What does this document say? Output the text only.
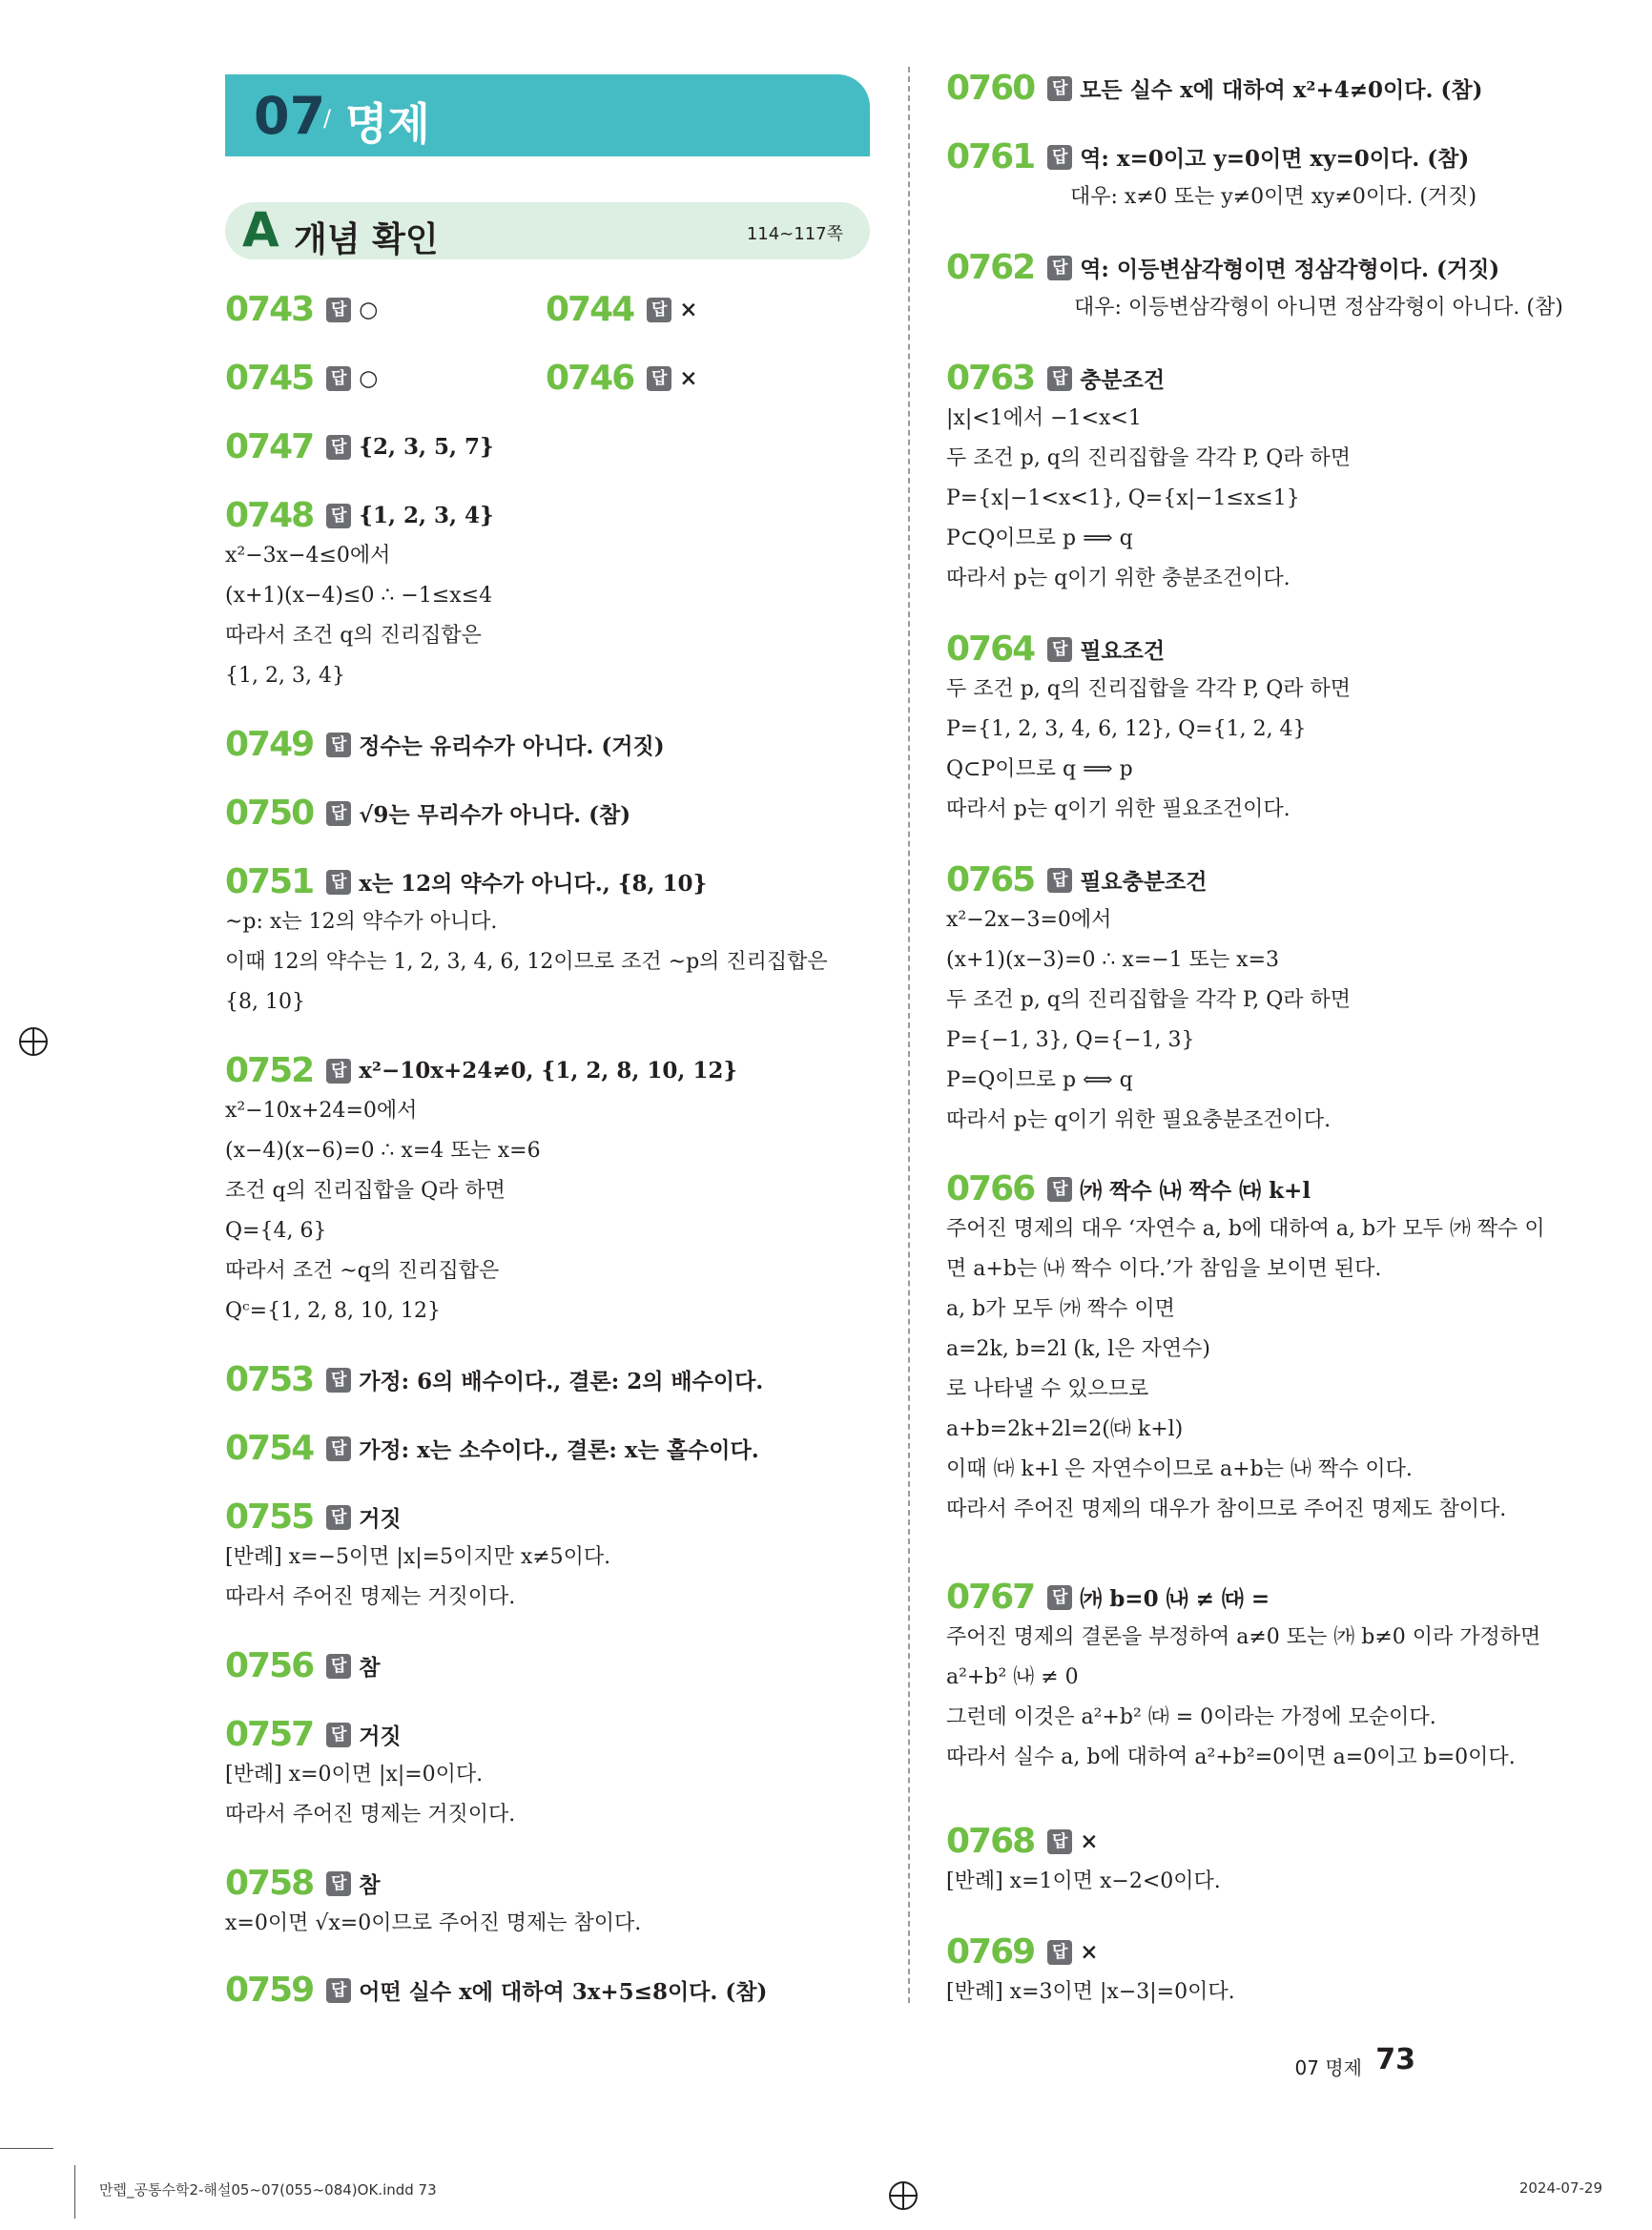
07
/ 명제
A 개념 확인	114~117쪽
0743 답 ○	0744 답 ×
0745 답 ○	0746 답 ×
0747 답 {2, 3, 5, 7}
0748 답 {1, 2, 3, 4}
x²−3x−4≤0에서
(x+1)(x−4)≤0 ∴ −1≤x≤4
따라서 조건 q의 진리집합은
{1, 2, 3, 4}
0749 답 정수는 유리수가 아니다. (거짓)
0750 답 √9는 무리수가 아니다. (참)
0751 답 x는 12의 약수가 아니다., {8, 10}
~p: x는 12의 약수가 아니다.
이때 12의 약수는 1, 2, 3, 4, 6, 12이므로 조건 ~p의 진리집합은
{8, 10}
0752 답 x²−10x+24≠0, {1, 2, 8, 10, 12}
x²−10x+24=0에서
(x−4)(x−6)=0 ∴ x=4 또는 x=6
조건 q의 진리집합을 Q라 하면
Q={4, 6}
따라서 조건 ~q의 진리집합은
Qᶜ={1, 2, 8, 10, 12}
0753 답 가정: 6의 배수이다., 결론: 2의 배수이다.
0754 답 가정: x는 소수이다., 결론: x는 홀수이다.
0755 답 거짓
[반례] x=−5이면 |x|=5이지만 x≠5이다.
따라서 주어진 명제는 거짓이다.
0756 답 참
0757 답 거짓
[반례] x=0이면 |x|=0이다.
따라서 주어진 명제는 거짓이다.
0758 답 참
x=0이면 √x=0이므로 주어진 명제는 참이다.
0759 답 어떤 실수 x에 대하여 3x+5≤8이다. (참)
0760 답 모든 실수 x에 대하여 x²+4≠0이다. (참)
0761 답 역: x=0이고 y=0이면 xy=0이다. (참)
대우: x≠0 또는 y≠0이면 xy≠0이다. (거짓)
0762 답 역: 이등변삼각형이면 정삼각형이다. (거짓)
대우: 이등변삼각형이 아니면 정삼각형이 아니다. (참)
0763 답 충분조건
|x|<1에서 −1<x<1
두 조건 p, q의 진리집합을 각각 P, Q라 하면
P={x|−1<x<1}, Q={x|−1≤x≤1}
P⊂Q이므로 p ⟹ q
따라서 p는 q이기 위한 충분조건이다.
0764 답 필요조건
두 조건 p, q의 진리집합을 각각 P, Q라 하면
P={1, 2, 3, 4, 6, 12}, Q={1, 2, 4}
Q⊂P이므로 q ⟹ p
따라서 p는 q이기 위한 필요조건이다.
0765 답 필요충분조건
x²−2x−3=0에서
(x+1)(x−3)=0 ∴ x=−1 또는 x=3
두 조건 p, q의 진리집합을 각각 P, Q라 하면
P={−1, 3}, Q={−1, 3}
P=Q이므로 p ⟺ q
따라서 p는 q이기 위한 필요충분조건이다.
0766 답 ㈎ 짝수 ㈏ 짝수 ㈐ k+l
주어진 명제의 대우 ‘자연수 a, b에 대하여 a, b가 모두 ㈎ 짝수 이
면 a+b는 ㈏ 짝수 이다.’가 참임을 보이면 된다.
a, b가 모두 ㈎ 짝수 이면
a=2k, b=2l (k, l은 자연수)
로 나타낼 수 있으므로
a+b=2k+2l=2(㈐ k+l)
이때 ㈐ k+l 은 자연수이므로 a+b는 ㈏ 짝수 이다.
따라서 주어진 명제의 대우가 참이므로 주어진 명제도 참이다.
0767 답 ㈎ b=0 ㈏ ≠ ㈐ =
주어진 명제의 결론을 부정하여 a≠0 또는 ㈎ b≠0 이라 가정하면
a²+b² ㈏ ≠ 0
그런데 이것은 a²+b² ㈐ = 0이라는 가정에 모순이다.
따라서 실수 a, b에 대하여 a²+b²=0이면 a=0이고 b=0이다.
0768 답 ×
[반례] x=1이면 x−2<0이다.
0769 답 ×
[반례] x=3이면 |x−3|=0이다.
07 명제 73
만렙_공통수학2-해설05~07(055~084)OK.indd 73	2024-07-29
